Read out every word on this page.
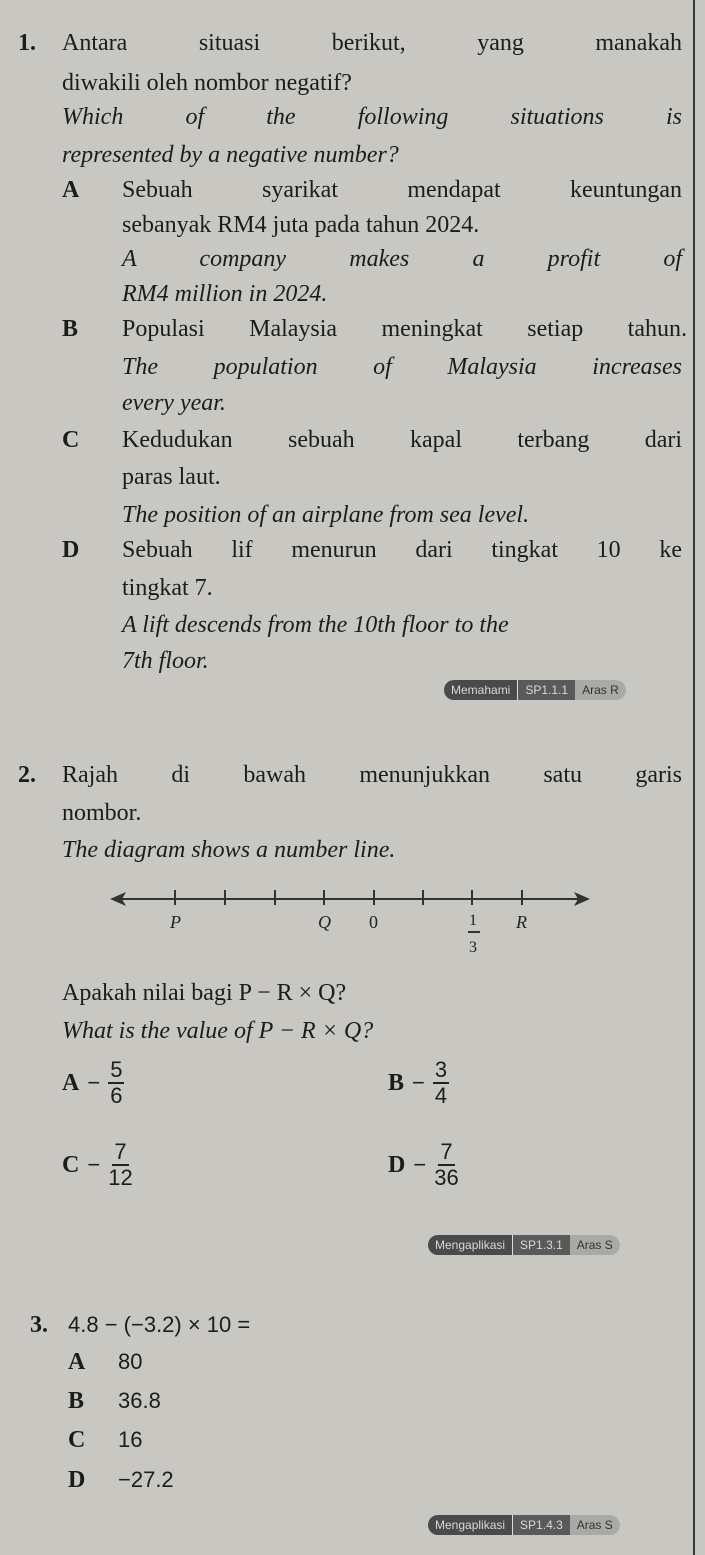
1. Antara situasi berikut, yang manakah
diwakili oleh nombor negatif?
Which of the following situations is
represented by a negative number?
A Sebuah syarikat mendapat keuntungan
sebanyak RM4 juta pada tahun 2024.
A company makes a profit of
RM4 million in 2024.
B Populasi Malaysia meningkat setiap tahun.
The population of Malaysia increases
every year.
C Kedudukan sebuah kapal terbang dari
paras laut.
The position of an airplane from sea level.
D Sebuah lif menurun dari tingkat 10 ke
tingkat 7.
A lift descends from the 10th floor to the
7th floor.
Memahami	SP1.1.1	Aras R
2. Rajah di bawah menunjukkan satu garis
nombor.
The diagram shows a number line.
P	Q 0	R
1
3
Apakah nilai bagi P − R × Q?
What is the value of P − R × Q?
$A - \frac{5}{6}$	$B - \frac{3}{4}$
$C - \frac{7}{12}$	$D - \frac{7}{36}$
Mengaplikasi	SP1.3.1	Aras S
3. 4.8 − (−3.2) × 10 =
A 80
B 36.8
C 16
D −27.2
Mengaplikasi	SP1.4.3	Aras S
